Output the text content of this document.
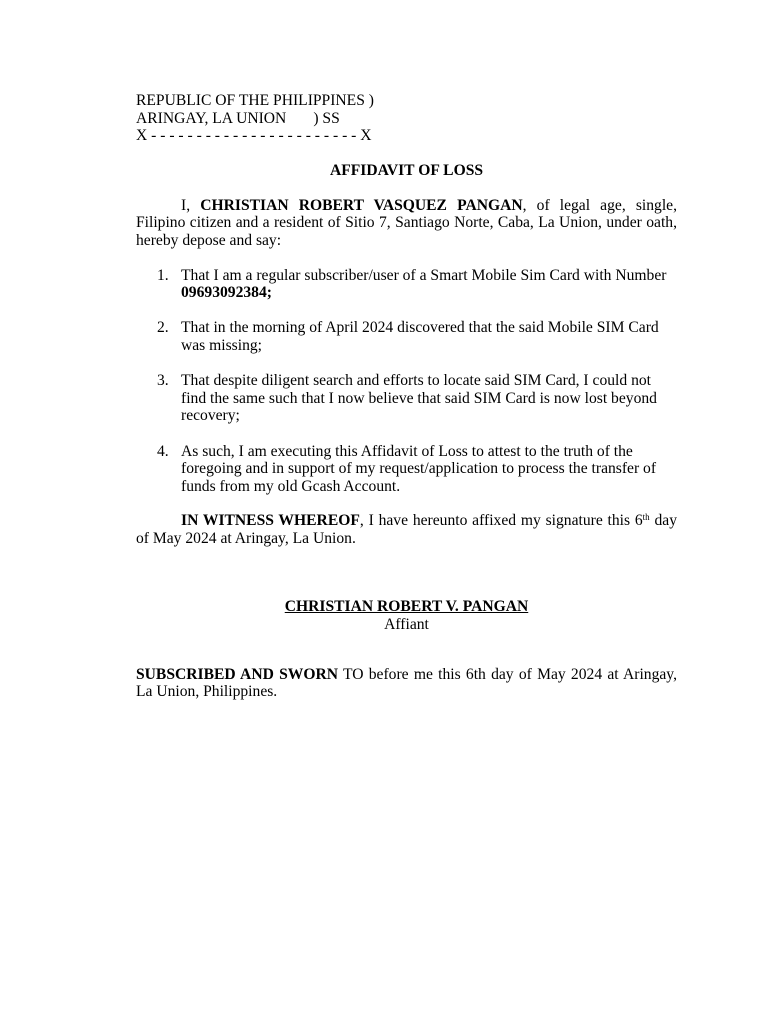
REPUBLIC OF THE PHILIPPINES )
ARINGAY, LA UNION ) SS
X - - - - - - - - - - - - - - - - - - - - - - - X
AFFIDAVIT OF LOSS

I, CHRISTIAN ROBERT VASQUEZ PANGAN, of legal age, single, Filipino citizen and a resident of Sitio 7, Santiago Norte, Caba, La Union, under oath, hereby depose and say:

1. That I am a regular subscriber/user of a Smart Mobile Sim Card with Number 09693092384;
2. That in the morning of April 2024 discovered that the said Mobile SIM Card was missing;
3. That despite diligent search and efforts to locate said SIM Card, I could not find the same such that I now believe that said SIM Card is now lost beyond recovery;
4. As such, I am executing this Affidavit of Loss to attest to the truth of the foregoing and in support of my request/application to process the transfer of funds from my old Gcash Account.

IN WITNESS WHEREOF, I have hereunto affixed my signature this 6th day of May 2024 at Aringay, La Union.

CHRISTIAN ROBERT V. PANGAN
Affiant

SUBSCRIBED AND SWORN TO before me this 6th day of May 2024 at Aringay, La Union, Philippines.
